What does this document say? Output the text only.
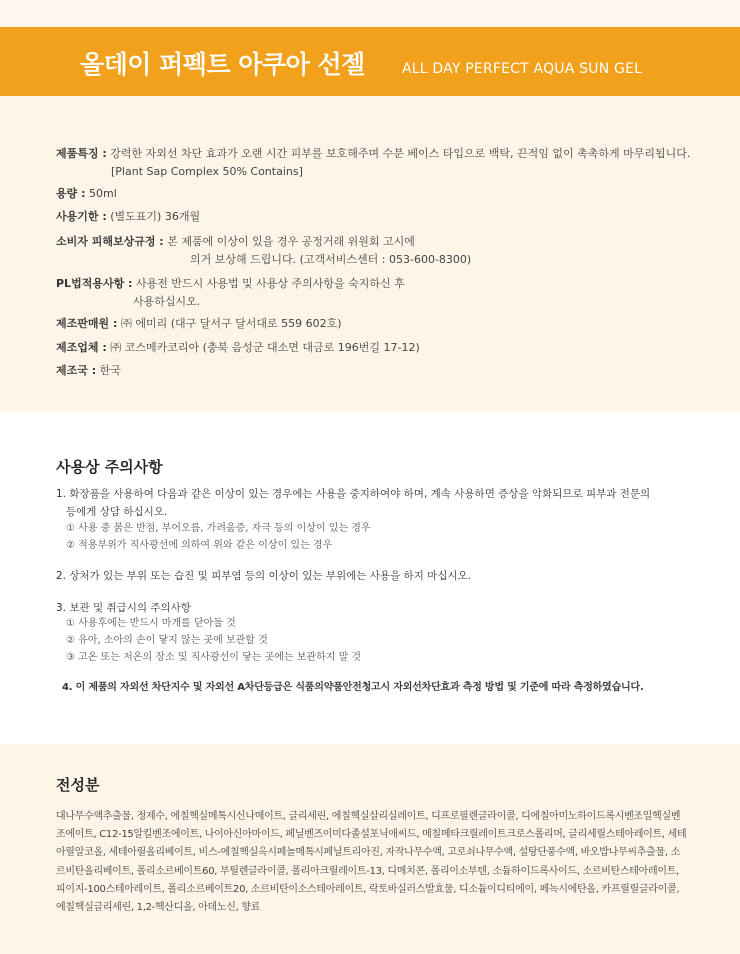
올데이 퍼펙트 아쿠아 선젤	ALL DAY PERFECT AQUA SUN GEL
제품특징 : 강력한 자외선 차단 효과가 오랜 시간 피부를 보호해주며 수분 베이스 타입으로 백탁, 끈적임 없이 촉촉하게 마무리됩니다.
[Plant Sap Complex 50% Contains]
용량 : 50ml
사용기한 : (별도표기) 36개월
소비자 피해보상규정 : 본 제품에 이상이 있을 경우 공정거래 위원회 고시에
의거 보상해 드립니다. (고객서비스센터 : 053-600-8300)
PL법적용사항 : 사용전 반드시 사용법 및 사용상 주의사항을 숙지하신 후
사용하십시오.
제조판매원 : ㈜ 에미리 (대구 달서구 달서대로 559 602호)
제조업체 : ㈜ 코스메카코리아 (충북 음성군 대소면 대금로 196번길 17-12)
제조국 : 한국
사용상 주의사항
1. 화장품을 사용하여 다음과 같은 이상이 있는 경우에는 사용을 중지하여야 하며, 계속 사용하면 증상을 악화되므로 피부과 전문의
등에게 상담 하십시오.
① 사용 중 붉은 반점, 부어오름, 가려움증, 자극 등의 이상이 있는 경우
② 적용부위가 직사광선에 의하여 위와 같은 이상이 있는 경우
2. 상처가 있는 부위 또는 습진 및 피부염 등의 이상이 있는 부위에는 사용을 하지 마십시오.
3. 보관 및 취급시의 주의사항
① 사용후에는 반드시 마개를 닫아둘 것
② 유아, 소아의 손이 닿지 않는 곳에 보관할 것
③ 고온 또는 저온의 장소 및 직사광선이 닿는 곳에는 보관하지 말 것
4. 이 제품의 자외선 차단지수 및 자외선 A차단등급은 식품의약품안전청고시 자외선차단효과 측정 방법 및 기준에 따라 측정하였습니다.
전성분
대나무수액추출물, 정제수, 에칠헥실메톡시신나메이트, 글리세린, 에칠헥실살리실레이트, 디프로필렌글라이콜, 디에칠아미노하이드록시벤조일헥실벤조에이트, C12-15알킬벤조에이트, 나이아신아마이드, 페닐벤즈이미다졸설포닉애씨드, 메칠메타크릴레이트크로스폴리머, 글리세릴스테아레이트, 세테아릴알코올, 세테아릴올리베이트, 비스-에칠헥실옥시페놀메톡시페닐트리아진, 자작나무수액, 고로쇠나무수액, 설탕단풍수액, 바오밥나무씨추출물, 소르비탄올리베이트, 폴리소르베이트60, 부틸렌글라이콜, 폴리아크릴레이트-13, 디메치콘, 폴리이소부텐, 소듐하이드록사이드, 소르비탄스테아레이트, 피이지-100스테아레이트, 폴리소르베이트20, 소르비탄이소스테아레이트, 락토바실러스발효물, 디소듐이디티에이, 페녹시에탄올, 카프릴릴글라이콜, 에칠헥실글리세린, 1,2-헥산디올, 아데노신, 향료
